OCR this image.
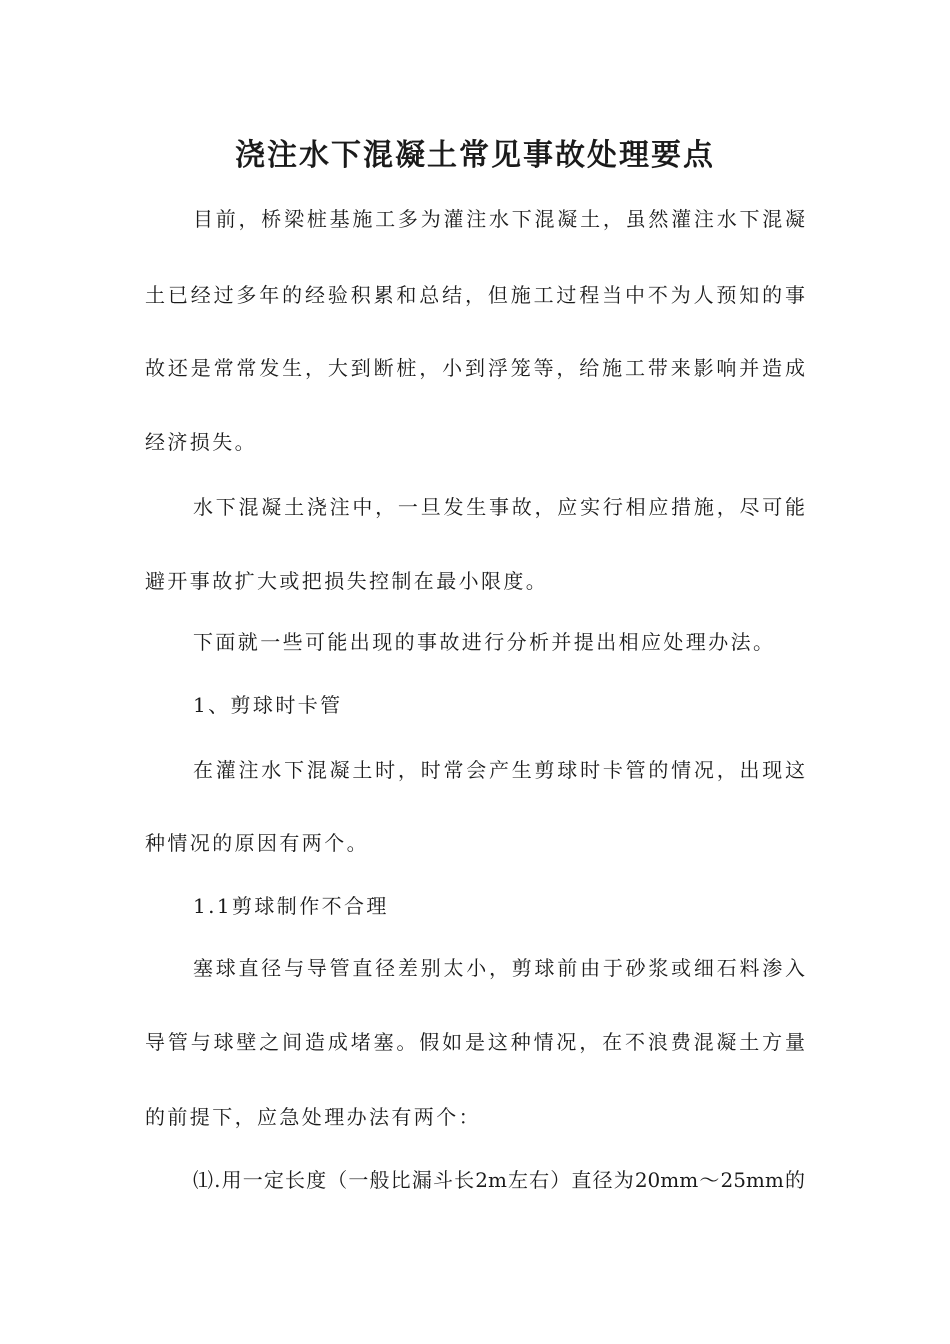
浇注水下混凝土常见事故处理要点
目前，桥梁桩基施工多为灌注水下混凝土，虽然灌注水下混凝
土已经过多年的经验积累和总结，但施工过程当中不为人预知的事
故还是常常发生，大到断桩，小到浮笼等，给施工带来影响并造成
经济损失。
水下混凝土浇注中，一旦发生事故，应实行相应措施，尽可能
避开事故扩大或把损失控制在最小限度。
下面就一些可能出现的事故进行分析并提出相应处理办法。
1、剪球时卡管
在灌注水下混凝土时，时常会产生剪球时卡管的情况，出现这
种情况的原因有两个。
1.1剪球制作不合理
塞球直径与导管直径差别太小，剪球前由于砂浆或细石料渗入
导管与球壁之间造成堵塞。假如是这种情况，在不浪费混凝土方量
的前提下，应急处理办法有两个：
⑴.用一定长度（一般比漏斗长2m左右）直径为20mm～25mm的
